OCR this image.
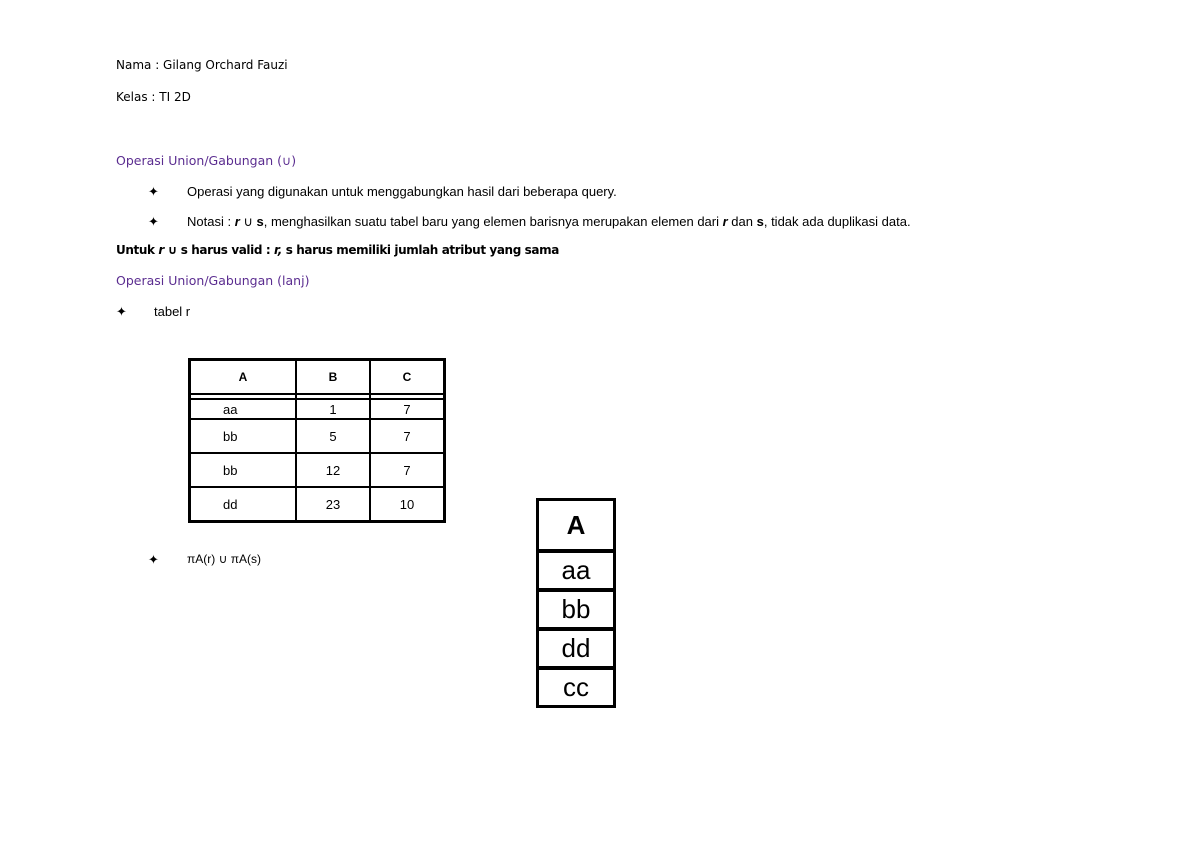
Nama : Gilang Orchard Fauzi
Kelas : TI 2D
Operasi Union/Gabungan (∪)
✦ Operasi yang digunakan untuk menggabungkan hasil dari beberapa query.
✦ Notasi : r ∪ s, menghasilkan suatu tabel baru yang elemen barisnya merupakan elemen dari r dan s, tidak ada duplikasi data.
Untuk r ∪ s harus valid : r, s harus memiliki jumlah atribut yang sama
Operasi Union/Gabungan (lanj)
✦ tabel r
A	B	C

aa	1	7
bb	5	7
bb	12	7
dd	23	10
✦ πA(r) ∪ πA(s)
A
aa
bb
dd
cc
